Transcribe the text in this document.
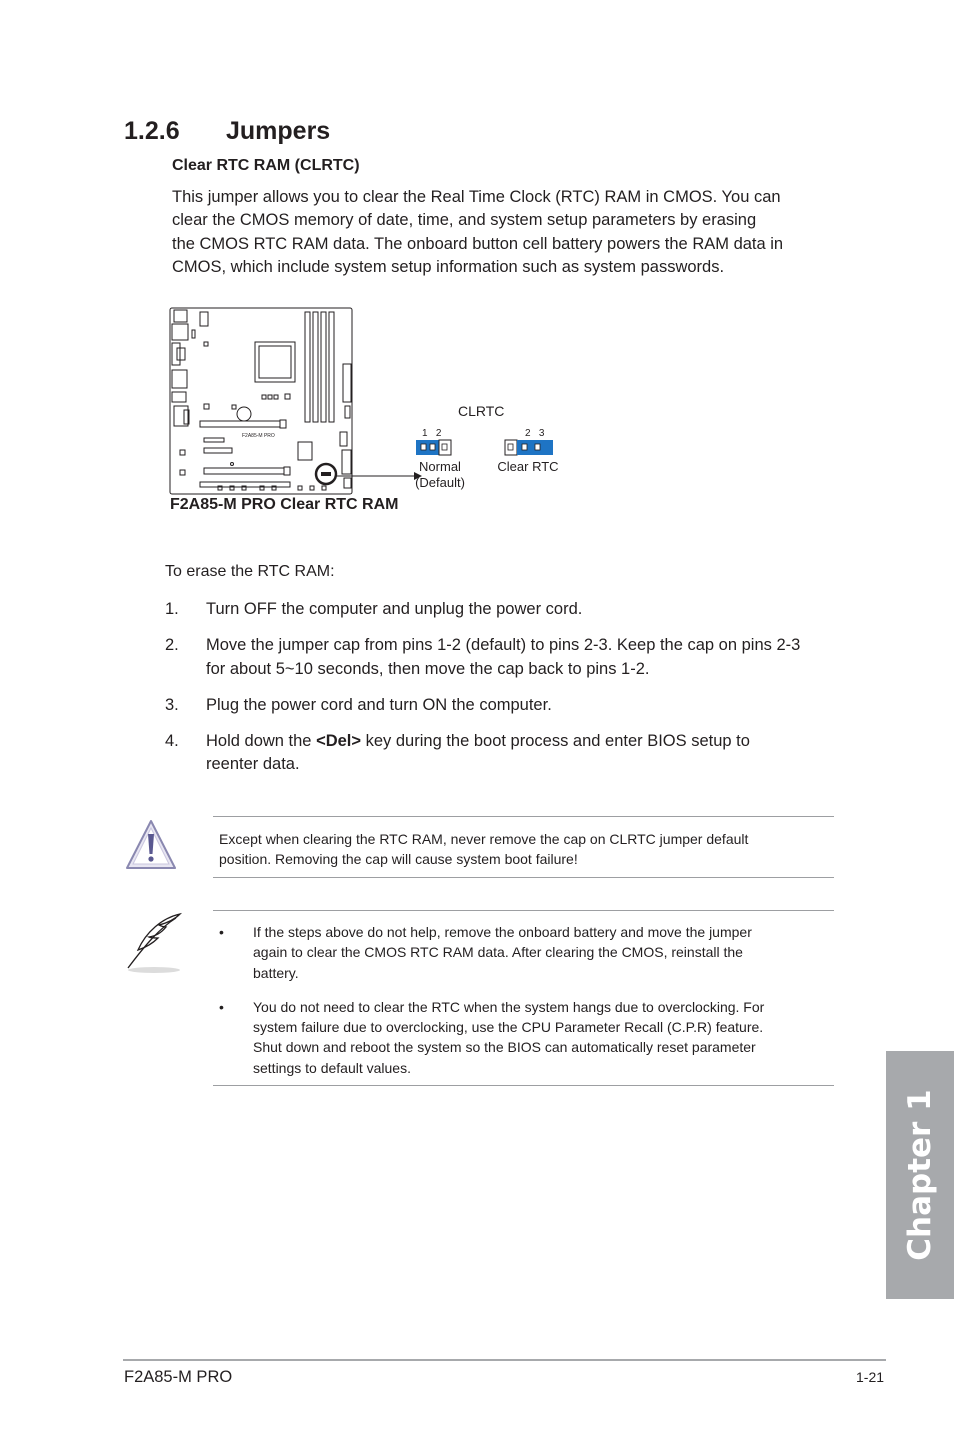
1.2.6 Jumpers
Clear RTC RAM (CLRTC)
This jumper allows you to clear the Real Time Clock (RTC) RAM in CMOS. You can
clear the CMOS memory of date, time, and system setup parameters by erasing
the CMOS RTC RAM data. The onboard button cell battery powers the RAM data in
CMOS, which include system setup information such as system passwords.
F2A85-M PRO
CLRTC
1   2
Normal
(Default)
2   3
Clear RTC
F2A85-M PRO Clear RTC RAM
To erase the RTC RAM:
1. Turn OFF the computer and unplug the power cord.
2. Move the jumper cap from pins 1-2 (default) to pins 2-3. Keep the cap on pins 2-3
for about 5~10 seconds, then move the cap back to pins 1-2.
3. Plug the power cord and turn ON the computer.
4. Hold down the <Del> key during the boot process and enter BIOS setup to
reenter data.
Except when clearing the RTC RAM, never remove the cap on CLRTC jumper default
position. Removing the cap will cause system boot failure!
• If the steps above do not help, remove the onboard battery and move the jumper
again to clear the CMOS RTC RAM data. After clearing the CMOS, reinstall the
battery.
• You do not need to clear the RTC when the system hangs due to overclocking. For
system failure due to overclocking, use the CPU Parameter Recall (C.P.R) feature.
Shut down and reboot the system so the BIOS can automatically reset parameter
settings to default values.
Chapter 1
F2A85-M PRO	1-21
